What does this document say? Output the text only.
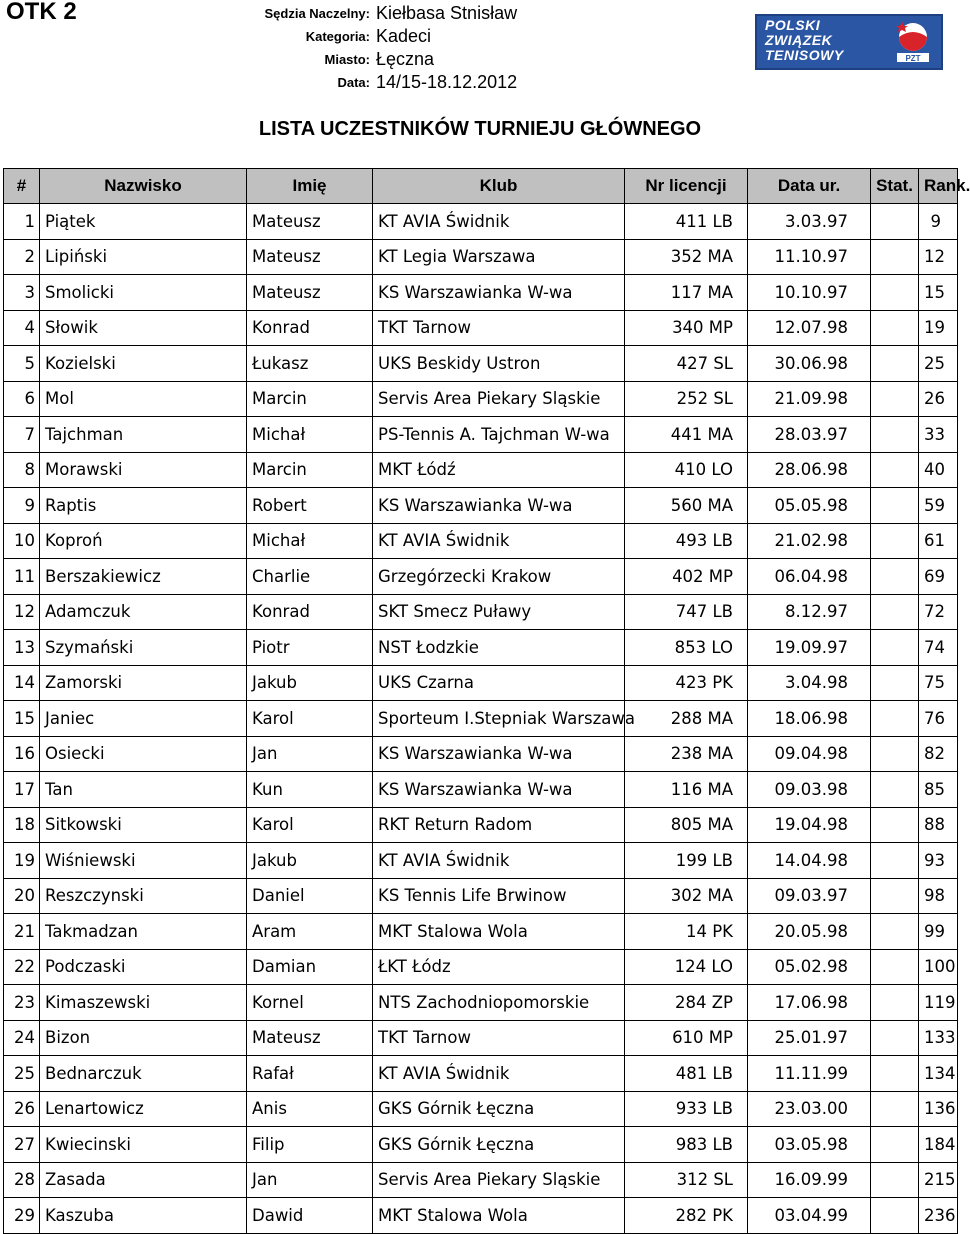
OTK 2	Sędzia Naczelny: Kiełbasa Stnisław
Kategoria: Kadeci
Miasto: Łęczna
Data: 14/15-18.12.2012
POLSKI
ZWIĄZEK
TENISOWY	PZT
LISTA UCZESTNIKÓW TURNIEJU GŁÓWNEGO
#	Nazwisko	Imię	Klub	Nr licencji	Data ur.	Stat.	Rank.
1	Piątek	Mateusz	KT AVIA Świdnik	411 LB	3.03.97		9
2	Lipiński	Mateusz	KT Legia Warszawa	352 MA	11.10.97		12
3	Smolicki	Mateusz	KS Warszawianka W-wa	117 MA	10.10.97		15
4	Słowik	Konrad	TKT Tarnow	340 MP	12.07.98		19
5	Kozielski	Łukasz	UKS Beskidy Ustron	427 SL	30.06.98		25
6	Mol	Marcin	Servis Area Piekary Sląskie	252 SL	21.09.98		26
7	Tajchman	Michał	PS-Tennis A. Tajchman W-wa	441 MA	28.03.97		33
8	Morawski	Marcin	MKT Łódź	410 LO	28.06.98		40
9	Raptis	Robert	KS Warszawianka W-wa	560 MA	05.05.98		59
10	Koproń	Michał	KT AVIA Świdnik	493 LB	21.02.98		61
11	Berszakiewicz	Charlie	Grzegórzecki Krakow	402 MP	06.04.98		69
12	Adamczuk	Konrad	SKT Smecz Puławy	747 LB	8.12.97		72
13	Szymański	Piotr	NST Łodzkie	853 LO	19.09.97		74
14	Zamorski	Jakub	UKS Czarna	423 PK	3.04.98		75
15	Janiec	Karol	Sporteum I.Stepniak Warszawa	288 MA	18.06.98		76
16	Osiecki	Jan	KS Warszawianka W-wa	238 MA	09.04.98		82
17	Tan	Kun	KS Warszawianka W-wa	116 MA	09.03.98		85
18	Sitkowski	Karol	RKT Return Radom	805 MA	19.04.98		88
19	Wiśniewski	Jakub	KT AVIA Świdnik	199 LB	14.04.98		93
20	Reszczynski	Daniel	KS Tennis Life Brwinow	302 MA	09.03.97		98
21	Takmadzan	Aram	MKT Stalowa Wola	14 PK	20.05.98		99
22	Podczaski	Damian	ŁKT Łódz	124 LO	05.02.98		100
23	Kimaszewski	Kornel	NTS Zachodniopomorskie	284 ZP	17.06.98		119
24	Bizon	Mateusz	TKT Tarnow	610 MP	25.01.97		133
25	Bednarczuk	Rafał	KT AVIA Świdnik	481 LB	11.11.99		134
26	Lenartowicz	Anis	GKS Górnik Łęczna	933 LB	23.03.00		136
27	Kwiecinski	Filip	GKS Górnik Łęczna	983 LB	03.05.98		184
28	Zasada	Jan	Servis Area Piekary Sląskie	312 SL	16.09.99		215
29	Kaszuba	Dawid	MKT Stalowa Wola	282 PK	03.04.99		236
